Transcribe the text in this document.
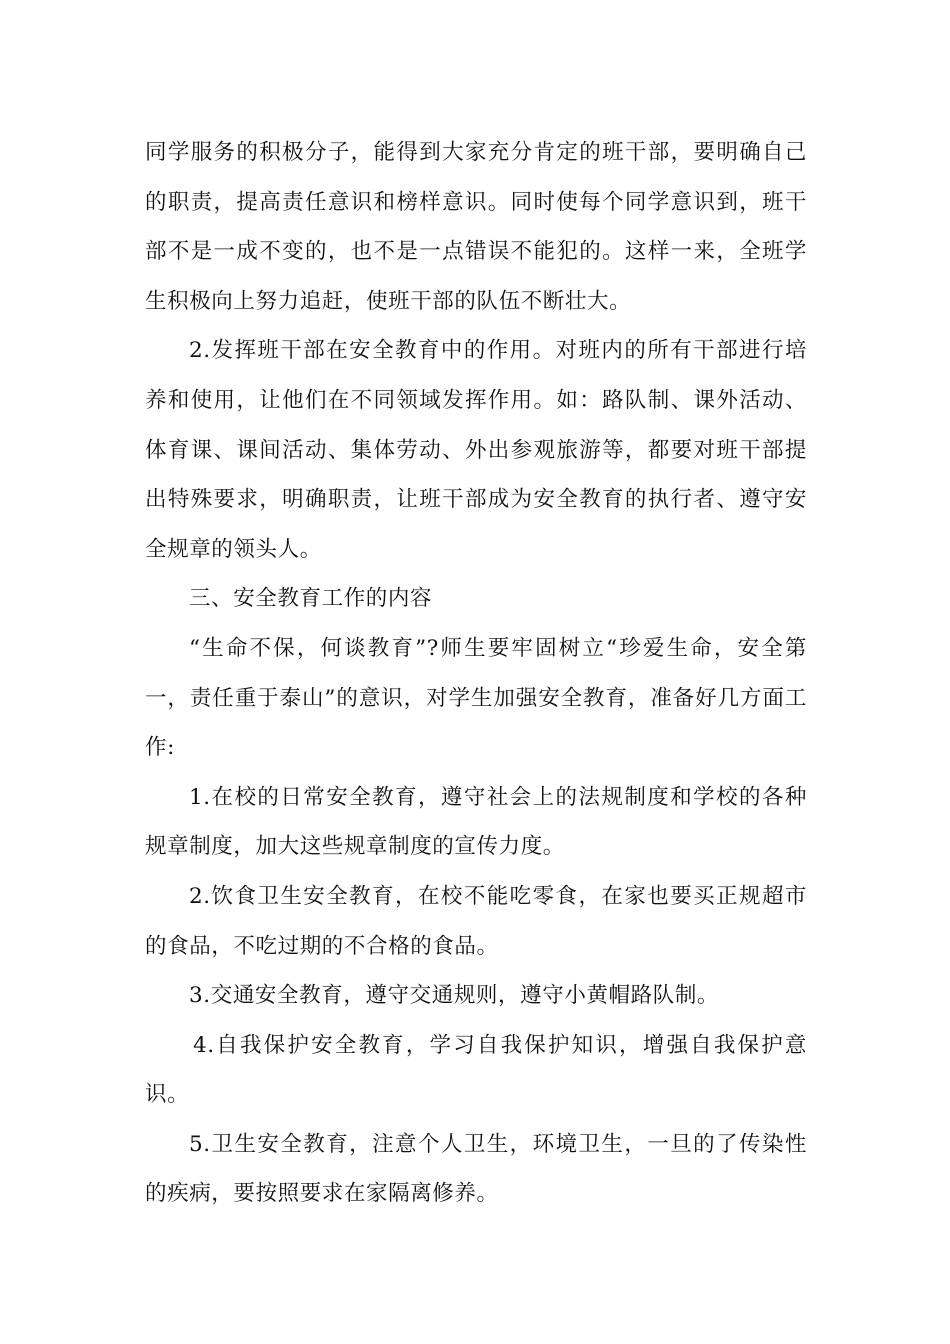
同学服务的积极分子，能得到大家充分肯定的班干部，要明确自己的职责，提高责任意识和榜样意识。同时使每个同学意识到，班干部不是一成不变的，也不是一点错误不能犯的。这样一来，全班学生积极向上努力追赶，使班干部的队伍不断壮大。

2.发挥班干部在安全教育中的作用。对班内的所有干部进行培养和使用，让他们在不同领域发挥作用。如：路队制、课外活动、体育课、课间活动、集体劳动、外出参观旅游等，都要对班干部提出特殊要求，明确职责，让班干部成为安全教育的执行者、遵守安全规章的领头人。

三、安全教育工作的内容

“生命不保，何谈教育”?师生要牢固树立“珍爱生命，安全第一，责任重于泰山”的意识，对学生加强安全教育，准备好几方面工作:

1.在校的日常安全教育，遵守社会上的法规制度和学校的各种规章制度，加大这些规章制度的宣传力度。

2.饮食卫生安全教育，在校不能吃零食，在家也要买正规超市的食品，不吃过期的不合格的食品。

3.交通安全教育，遵守交通规则，遵守小黄帽路队制。

4.自我保护安全教育，学习自我保护知识，增强自我保护意识。

5.卫生安全教育，注意个人卫生，环境卫生，一旦的了传染性的疾病，要按照要求在家隔离修养。
